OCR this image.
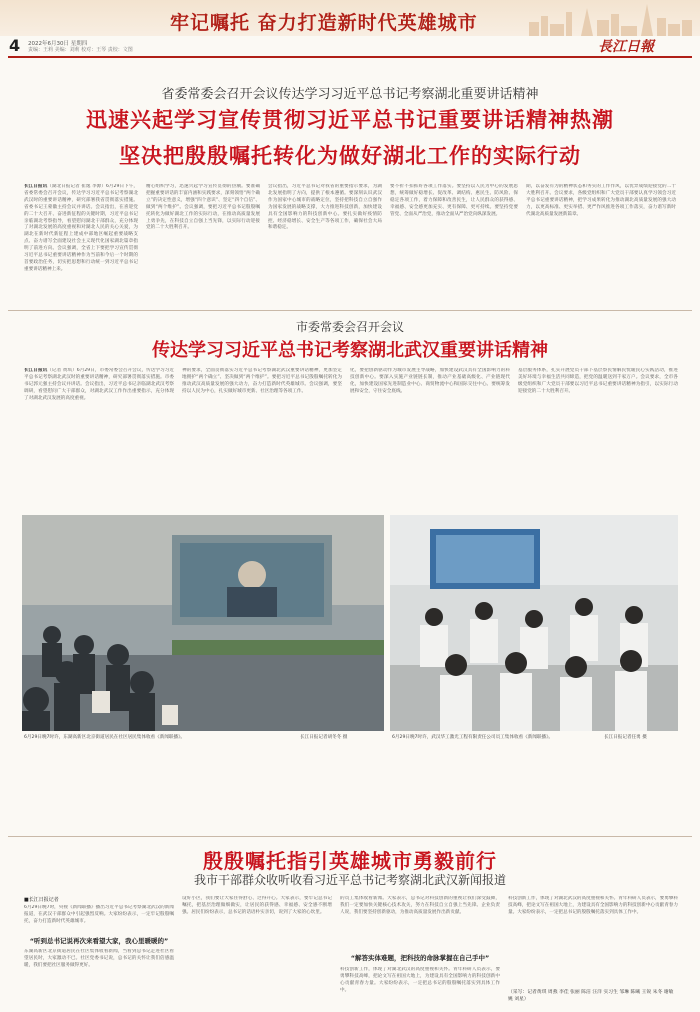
牢记嘱托 奋力打造新时代英雄城市
4 2022年6月30日 星期四
责编：王莉 美编：刘莉 校对：王琴 责校：文图	長江日報
省委常委会召开会议传达学习习近平总书记考察湖北重要讲话精神
迅速兴起学习宣传贯彻习近平总书记重要讲话精神热潮
坚决把殷殷嘱托转化为做好湖北工作的实际行动
长江日报讯（湖北日报记者 崔逸 李源）6月29日下午，省委常委会召开会议，传达学习习近平总书记考察湖北武汉时的重要讲话精神，研究部署我省贯彻落实措施。省委书记王蒙徽主持会议并讲话。会议指出，在喜迎党的二十大召开、奋进新征程的关键时期，习近平总书记亲临湖北考察指导，看望慰问湖北干部群众，充分体现了对湖北发展的高度重视和对湖北人民的关心关爱，为湖北在新时代新征程上建成中部地区崛起重要战略支点、奋力谱写全面建设社会主义现代化国家湖北篇章指明了前进方向。会议强调，全省上下要把学习宣传贯彻习近平总书记重要讲话精神作为当前和今后一个时期的首要政治任务，切实把思想和行动统一到习近平总书记重要讲话精神上来。
精心组织学习，迅速兴起学习宣传贯彻的热潮。要准确把握重要讲话的丰富内涵和实践要求，深刻领悟“两个确立”的决定性意义，增强“四个意识”、坚定“四个自信”、做到“两个维护”。会议强调，要把习近平总书记殷殷嘱托转化为做好湖北工作的实际行动，在推动高质量发展上勇争先，在科技自立自强上当先锋，以实际行动迎接党的二十大胜利召开。
会议指出，习近平总书记对我省的重要指示要求，为湖北发展指明了方向，提供了根本遵循。要深刻认识武汉作为国家中心城市的战略定位，坚持把科技自立自强作为国家发展的战略支撑，大力推进科技创新，加快建设具有全国影响力的科技创新中心。要扎实做好疫情防控、经济稳增长、安全生产等各项工作，确保社会大局和谐稳定。
要不折不扣抓好各项工作落实。要坚持以人民为中心的发展思想，统筹做好稳增长、促改革、调结构、惠民生、防风险、保稳定各项工作，着力保障和改善民生，让人民群众的获得感、幸福感、安全感更加充实、更有保障、更可持续。要坚持党要管党、全面从严治党，推动全面从严治党向纵深发展。
期，以奋发有为的精神状态和务实的工作作风，以优异成绩迎接党的二十大胜利召开。会议要求，各级党组织和广大党员干部要认真学习领会习近平总书记重要讲话精神，把学习成果转化为推动湖北高质量发展的强大动力，以更高标准、更实举措、更严作风推进各项工作落实，奋力谱写新时代湖北高质量发展新篇章。
市委常委会召开会议
传达学习习近平总书记考察湖北武汉重要讲话精神
长江日报讯（记者 黄琪）6月29日，市委常委会召开会议，传达学习习近平总书记考察湖北武汉时的重要讲话精神，研究部署贯彻落实措施。市委书记郭元强主持会议并讲话。会议指出，习近平总书记亲临湖北武汉考察调研，看望慰问广大干部群众，对湖北武汉工作作出重要指示，充分体现了对湖北武汉发展的高度重视。
神的要求，全面贯彻落实习近平总书记考察湖北武汉重要讲话精神，更加坚定地拥护“两个确立”、坚决做到“两个维护”。要把习近平总书记殷殷嘱托转化为推动武汉高质量发展的强大动力，奋力打造新时代英雄城市。会议强调，要坚持以人民为中心，扎实做好城市更新、社区治理等各项工作。
化，要把创新驱动作为城市发展主导战略，加快建设武汉具有全国影响力的科技创新中心。要深入实施产业链链长制，推动产业基础高级化、产业链现代化，加快建设国家先进制造业中心、商贸物流中心和国际交往中心。要统筹发展和安全，守住安全底线。
基层服务体系，扎实开展党员干部下基层察民情解民忧暖民心实践活动，推进美好环境与幸福生活共同缔造，把党的温暖送到千家万户。会议要求，全市各级党组织和广大党员干部要以习近平总书记重要讲话精神为指引，以实际行动迎接党的二十大胜利召开。
6月29日晚7时许，东湖高新区北京街道居民在社区居民集体收看《新闻联播》。	长江日报记者胡冬冬 摄	6月29日晚7时许，武汉华工激光工程有限责任公司员工集体收看《新闻联播》。	长江日报记者任勇 摄
殷殷嘱托指引英雄城市勇毅前行
我市干部群众收听收看习近平总书记考察湖北武汉新闻报道
■长江日报记者
6月29日晚7时，央视《新闻联播》播出习近平总书记考察湖北武汉的新闻报道，在武汉干部群众中引起强烈反响。大家纷纷表示，一定牢记殷殷嘱托，奋力打造新时代英雄城市。
“听到总书记说再次来看望大家，我心里暖暖的”
东湖高新区北京街道居民在社区集体收看新闻，当看到总书记走进社区看望居民时，大家激动不已。社区党委书记说，总书记的关怀让我们倍感温暖，我们要把社区服务做得更好。
设好小区，我们要让大家住得舒心、过得开心。大家表示，要牢记总书记嘱托，把基层治理做细做实，让居民的获得感、幸福感、安全感不断增强。居民们纷纷表示，总书记的话语朴实亲切，说到了大家的心坎里。
的员工集体收看新闻。大家表示，总书记对科技创新的重视让我们深受鼓舞，我们一定要加快关键核心技术攻关，努力在科技自立自强上当先锋。企业负责人说，我们要坚持创新驱动，为推动高质量发展作出新贡献。
“解答实体难题，把科技的命脉掌握在自己手中”
科技创新工作，体现了对湖北武汉的高度重视和关怀。青年科研人员表示，要勇攀科技高峰，把论文写在祖国大地上，为建设具有全国影响力的科技创新中心贡献青春力量。大家纷纷表示，一定把总书记的殷殷嘱托落实到具体工作中。
科技创新工作，体现了对湖北武汉的高度重视和关怀。青年科研人员表示，要勇攀科技高峰，把论文写在祖国大地上，为建设具有全国影响力的科技创新中心贡献青春力量。大家纷纷表示，一定把总书记的殷殷嘱托落实到具体工作中。
（采写：记者黄琪 周燕 李佳 张丽 陈洁 汪洋 实习生 邹琳 陈曦 王锐 朱冬 谢敏 姚 刘星）
